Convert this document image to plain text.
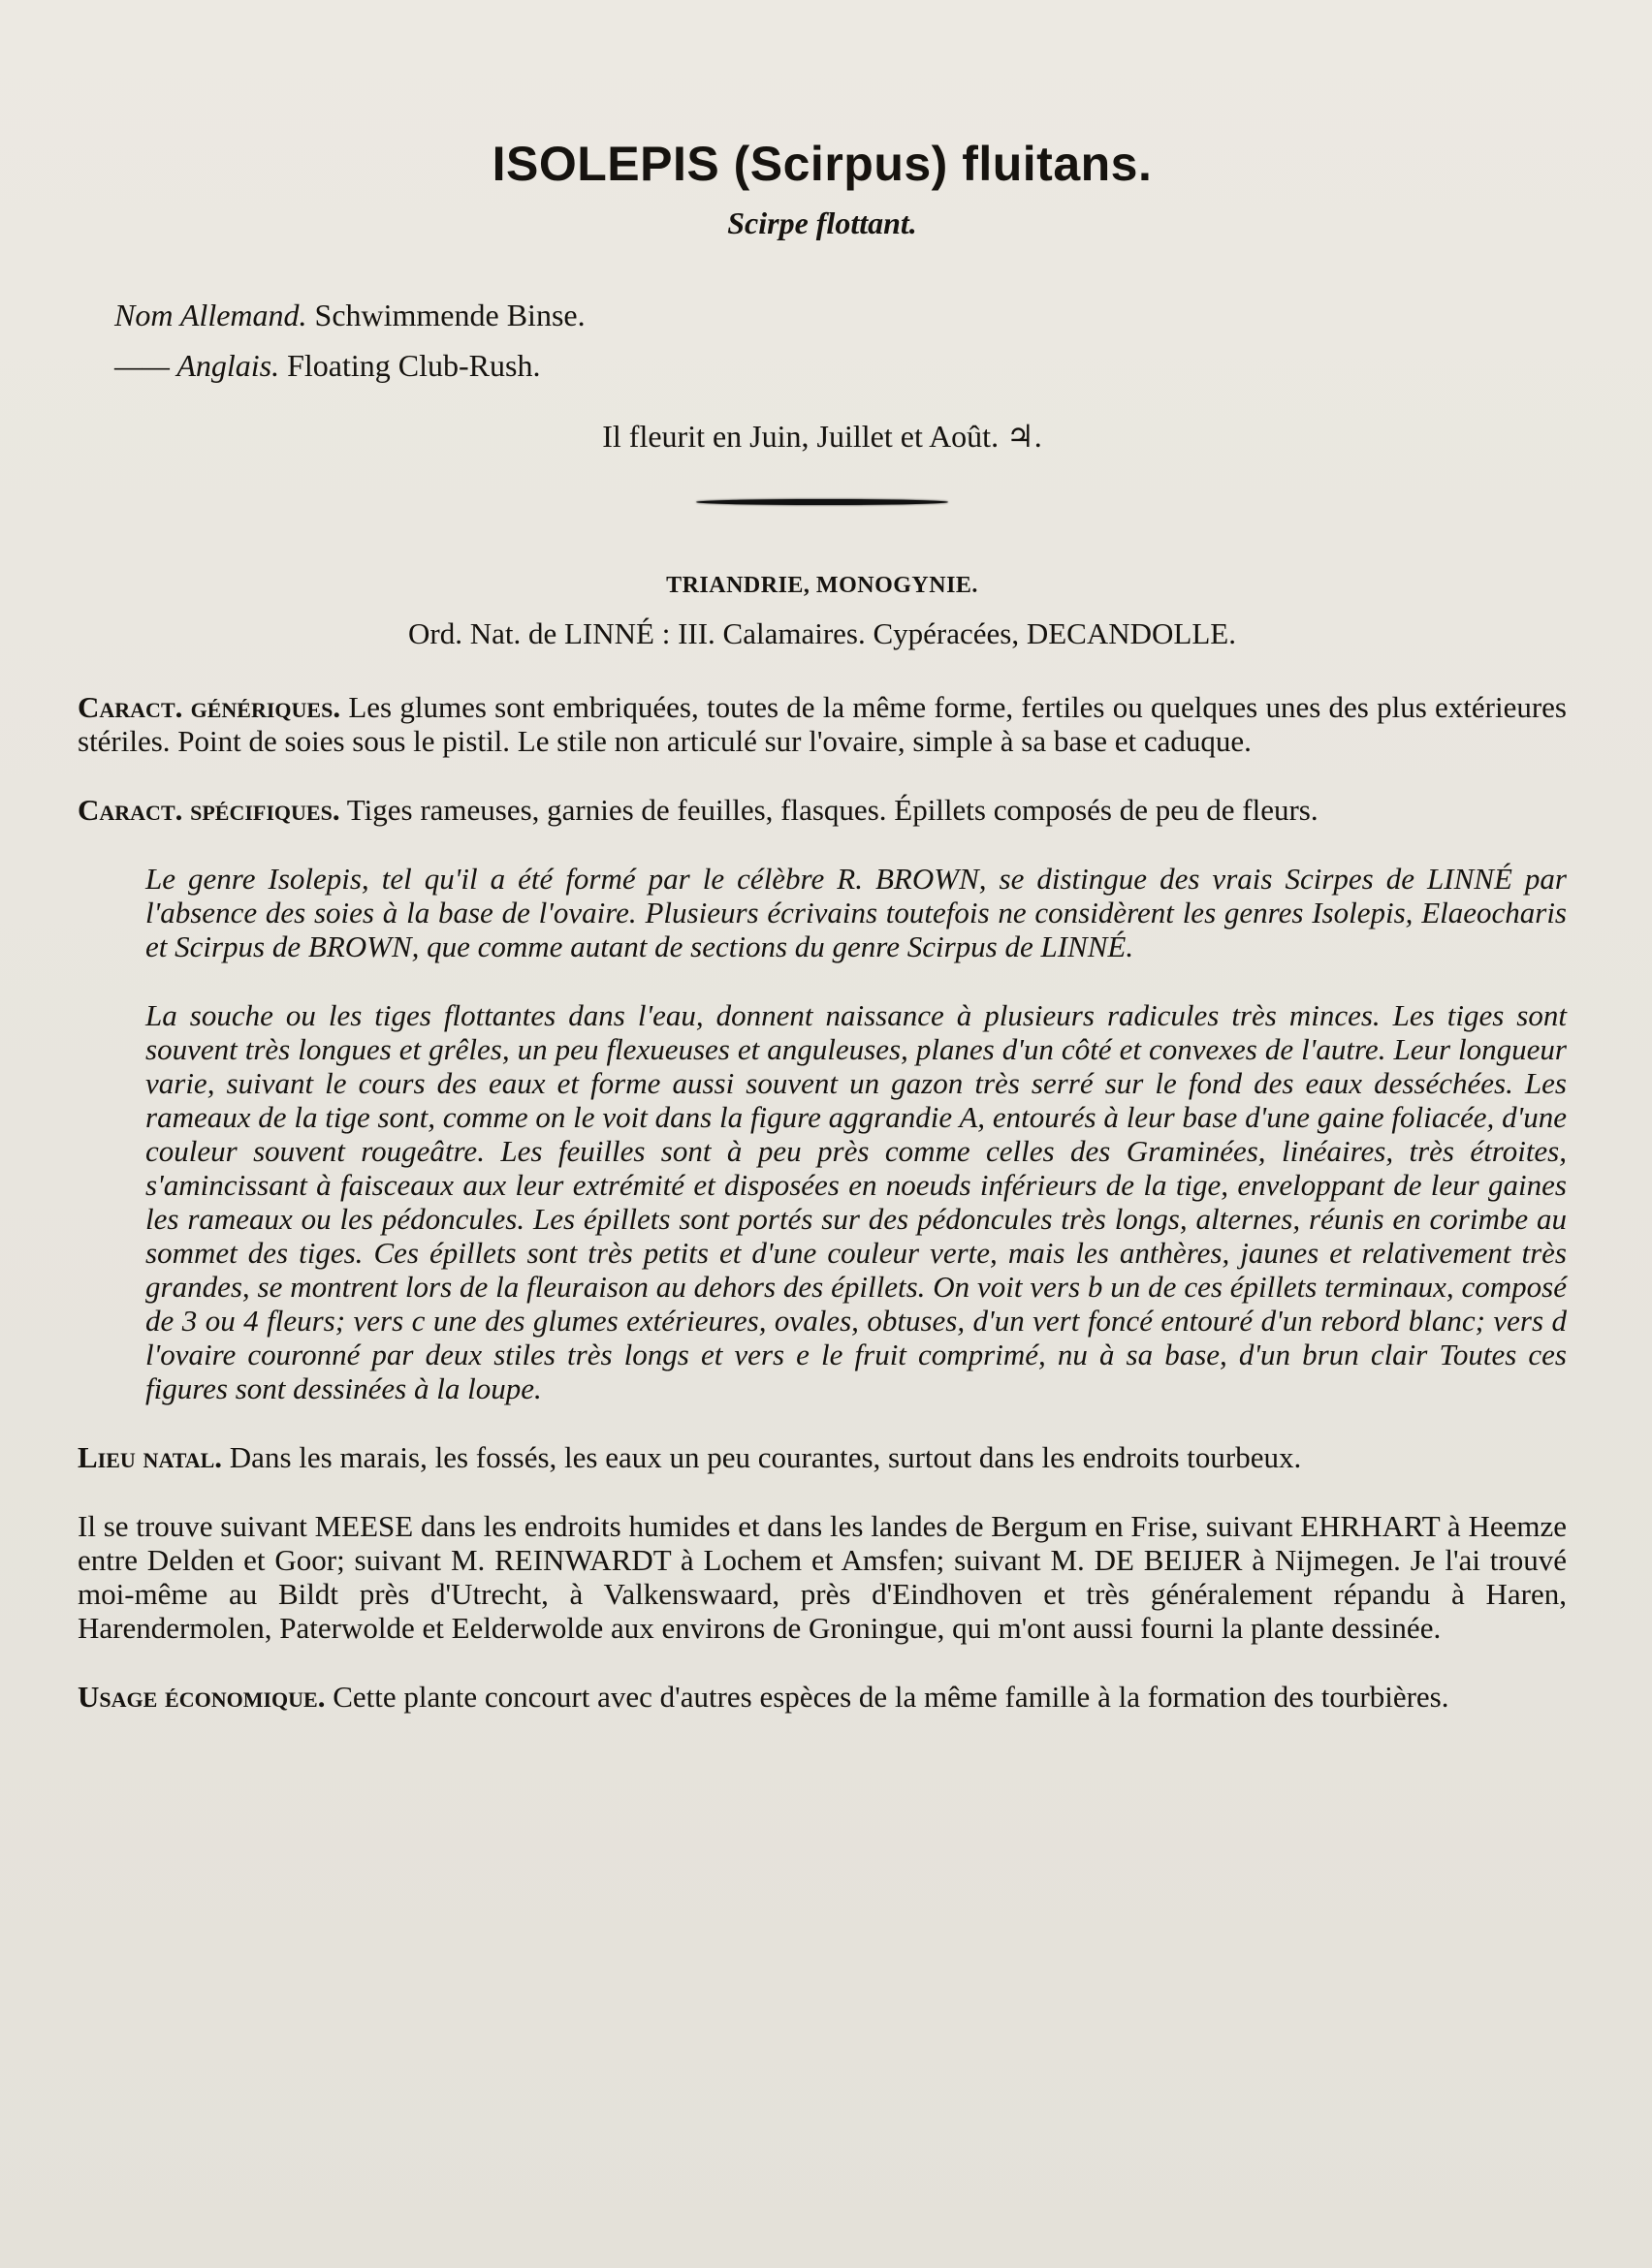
ISOLEPIS (Scirpus) fluitans.
Scirpe flottant.
Nom Allemand. Schwimmende Binse.
—— Anglais. Floating Club-Rush.
Il fleurit en Juin, Juillet et Août. ♃.
TRIANDRIE, MONOGYNIE.
Ord. Nat. de LINNÉ : III. Calamaires. Cypéracées, DECANDOLLE.

Caract. génériques. Les glumes sont embriquées, toutes de la même forme, fertiles ou quelques unes des plus extérieures stériles. Point de soies sous le pistil. Le stile non articulé sur l'ovaire, simple à sa base et caduque.

Caract. spécifiques. Tiges rameuses, garnies de feuilles, flasques. Épillets composés de peu de fleurs.

Le genre Isolepis, tel qu'il a été formé par le célèbre R. BROWN, se distingue des vrais Scirpes de LINNÉ par l'absence des soies à la base de l'ovaire. Plusieurs écrivains toutefois ne considèrent les genres Isolepis, Elaeocharis et Scirpus de BROWN, que comme autant de sections du genre Scirpus de LINNÉ.

La souche ou les tiges flottantes dans l'eau, donnent naissance à plusieurs radicules très minces. Les tiges sont souvent très longues et grêles, un peu flexueuses et anguleuses, planes d'un côté et convexes de l'autre. Leur longueur varie, suivant le cours des eaux et forme aussi souvent un gazon très serré sur le fond des eaux desséchées. Les rameaux de la tige sont, comme on le voit dans la figure aggrandie A, entourés à leur base d'une gaine foliacée, d'une couleur souvent rougeâtre. Les feuilles sont à peu près comme celles des Graminées, linéaires, très étroites, s'amincissant à faisceaux aux leur extrémité et disposées en noeuds inférieurs de la tige, enveloppant de leur gaines les rameaux ou les pédoncules. Les épillets sont portés sur des pédoncules très longs, alternes, réunis en corimbe au sommet des tiges. Ces épillets sont très petits et d'une couleur verte, mais les anthères, jaunes et relativement très grandes, se montrent lors de la fleuraison au dehors des épillets. On voit vers b un de ces épillets terminaux, composé de 3 ou 4 fleurs; vers c une des glumes extérieures, ovales, obtuses, d'un vert foncé entouré d'un rebord blanc; vers d l'ovaire couronné par deux stiles très longs et vers e le fruit comprimé, nu à sa base, d'un brun clair Toutes ces figures sont dessinées à la loupe.

Lieu natal. Dans les marais, les fossés, les eaux un peu courantes, surtout dans les endroits tourbeux.

Il se trouve suivant MEESE dans les endroits humides et dans les landes de Bergum en Frise, suivant EHRHART à Heemze entre Delden et Goor; suivant M. REINWARDT à Lochem et Amsfen; suivant M. DE BEIJER à Nijmegen. Je l'ai trouvé moi-même au Bildt près d'Utrecht, à Valkenswaard, près d'Eindhoven et très généralement répandu à Haren, Harendermolen, Paterwolde et Eelderwolde aux environs de Groningue, qui m'ont aussi fourni la plante dessinée.

Usage économique. Cette plante concourt avec d'autres espèces de la même famille à la formation des tourbières.
